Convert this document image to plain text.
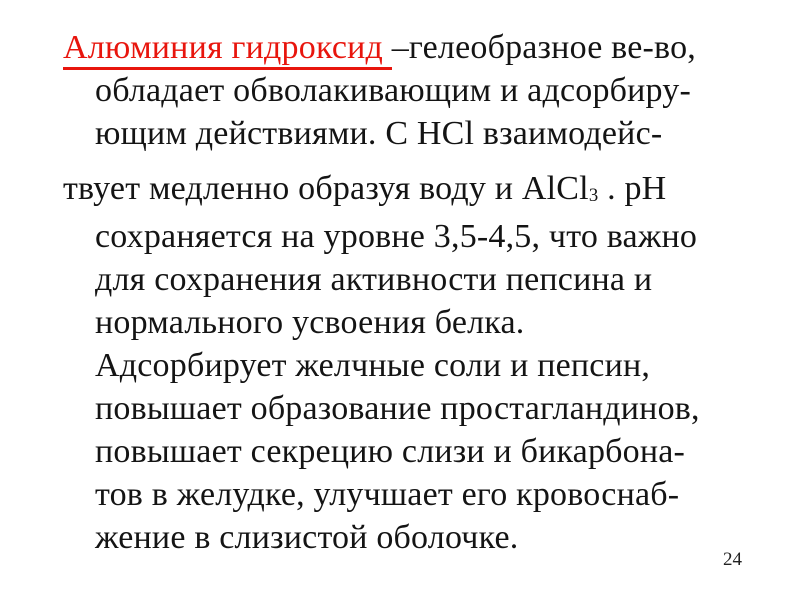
Алюминия гидроксид –гелеобразное ве-во,
обладает обволакивающим и адсорбиру-
ющим действиями. С HCl взаимодейс-
твует медленно образуя воду и AlCl3 . pH
сохраняется на уровне 3,5-4,5, что важно
для сохранения активности пепсина и
нормального усвоения белка.
Адсорбирует желчные соли и пепсин,
повышает образование простагландинов,
повышает секрецию слизи и бикарбона-
тов в желудке, улучшает его кровоснаб-
жение в слизистой оболочке.
24
